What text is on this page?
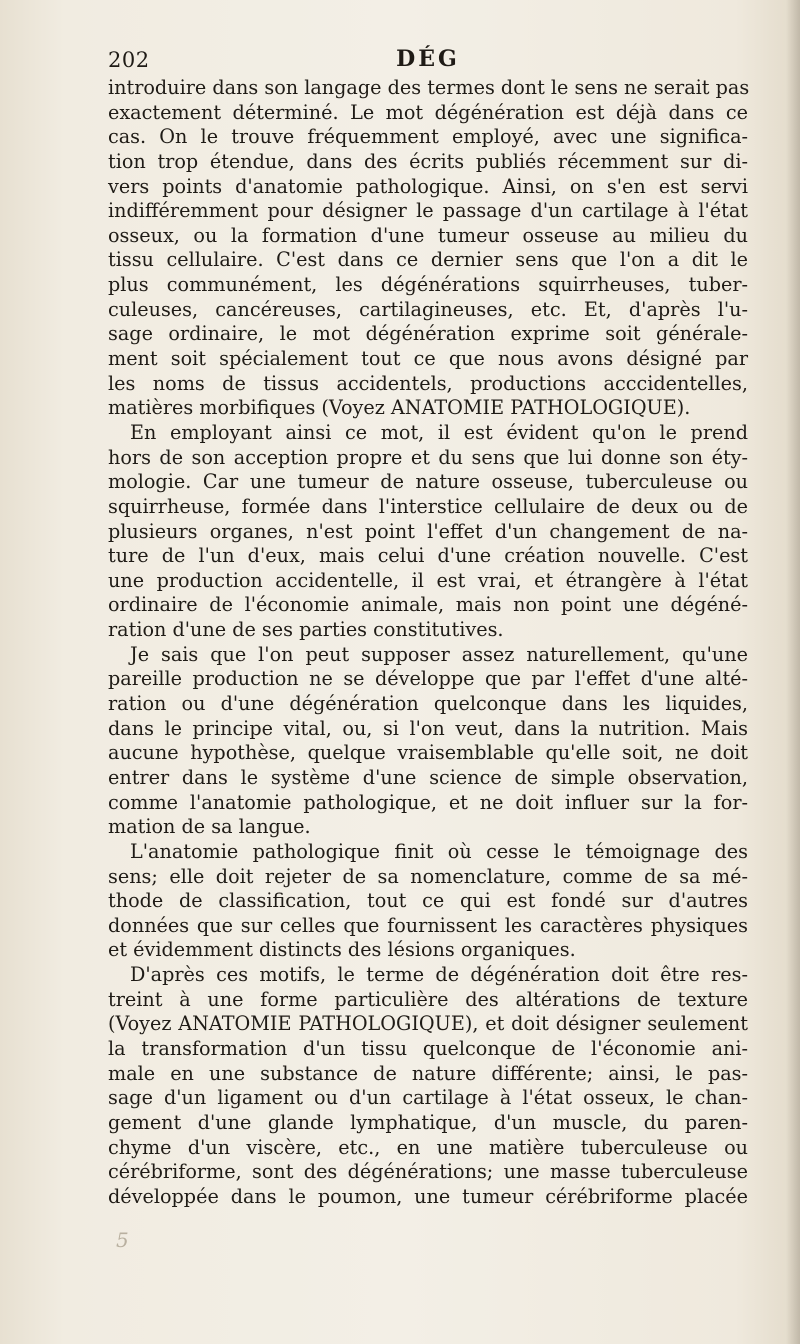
202	DÉG
introduire dans son langage des termes dont le sens ne serait pas
exactement déterminé. Le mot dégénération est déjà dans ce
cas. On le trouve fréquemment employé, avec une significa-
tion trop étendue, dans des écrits publiés récemment sur di-
vers points d'anatomie pathologique. Ainsi, on s'en est servi
indifféremment pour désigner le passage d'un cartilage à l'état
osseux, ou la formation d'une tumeur osseuse au milieu du
tissu cellulaire. C'est dans ce dernier sens que l'on a dit le
plus communément, les dégénérations squirrheuses, tuber-
culeuses, cancéreuses, cartilagineuses, etc. Et, d'après l'u-
sage ordinaire, le mot dégénération exprime soit générale-
ment soit spécialement tout ce que nous avons désigné par
les noms de tissus accidentels, productions acccidentelles,
matières morbifiques (Voyez ANATOMIE PATHOLOGIQUE).
En employant ainsi ce mot, il est évident qu'on le prend
hors de son acception propre et du sens que lui donne son éty-
mologie. Car une tumeur de nature osseuse, tuberculeuse ou
squirrheuse, formée dans l'interstice cellulaire de deux ou de
plusieurs organes, n'est point l'effet d'un changement de na-
ture de l'un d'eux, mais celui d'une création nouvelle. C'est
une production accidentelle, il est vrai, et étrangère à l'état
ordinaire de l'économie animale, mais non point une dégéné-
ration d'une de ses parties constitutives.
Je sais que l'on peut supposer assez naturellement, qu'une
pareille production ne se développe que par l'effet d'une alté-
ration ou d'une dégénération quelconque dans les liquides,
dans le principe vital, ou, si l'on veut, dans la nutrition. Mais
aucune hypothèse, quelque vraisemblable qu'elle soit, ne doit
entrer dans le système d'une science de simple observation,
comme l'anatomie pathologique, et ne doit influer sur la for-
mation de sa langue.
L'anatomie pathologique finit où cesse le témoignage des
sens; elle doit rejeter de sa nomenclature, comme de sa mé-
thode de classification, tout ce qui est fondé sur d'autres
données que sur celles que fournissent les caractères physiques
et évidemment distincts des lésions organiques.
D'après ces motifs, le terme de dégénération doit être res-
treint à une forme particulière des altérations de texture
(Voyez ANATOMIE PATHOLOGIQUE), et doit désigner seulement
la transformation d'un tissu quelconque de l'économie ani-
male en une substance de nature différente; ainsi, le pas-
sage d'un ligament ou d'un cartilage à l'état osseux, le chan-
gement d'une glande lymphatique, d'un muscle, du paren-
chyme d'un viscère, etc., en une matière tuberculeuse ou
cérébriforme, sont des dégénérations; une masse tuberculeuse
développée dans le poumon, une tumeur cérébriforme placée
5
